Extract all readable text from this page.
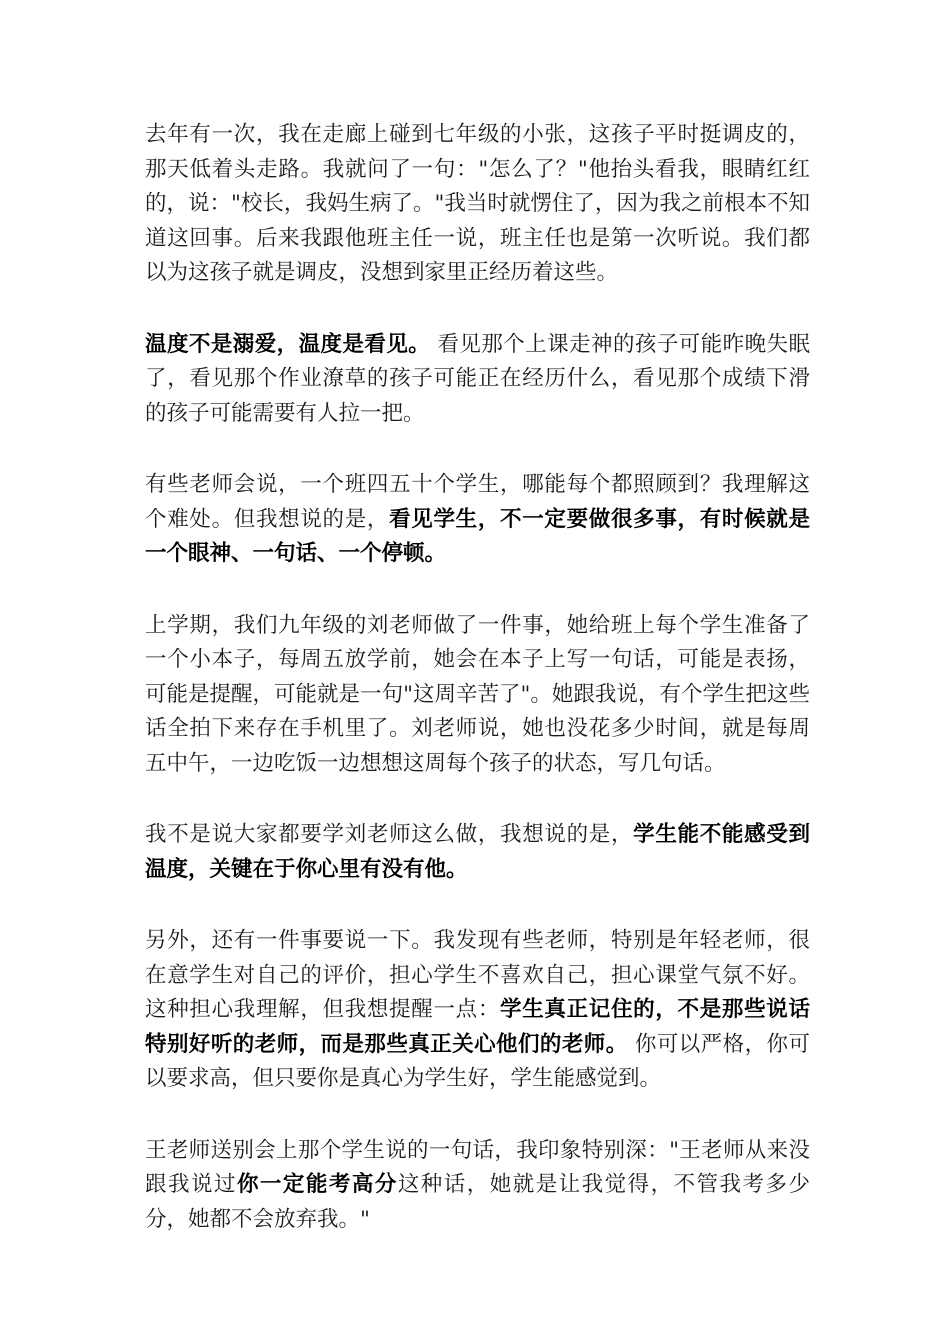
去年有一次，我在走廊上碰到七年级的小张，这孩子平时挺调皮的，那天低着头走路。我就问了一句："怎么了？"他抬头看我，眼睛红红的，说："校长，我妈生病了。"我当时就愣住了，因为我之前根本不知道这回事。后来我跟他班主任一说，班主任也是第一次听说。我们都以为这孩子就是调皮，没想到家里正经历着这些。

温度不是溺爱，温度是看见。 看见那个上课走神的孩子可能昨晚失眠了，看见那个作业潦草的孩子可能正在经历什么，看见那个成绩下滑的孩子可能需要有人拉一把。

有些老师会说，一个班四五十个学生，哪能每个都照顾到？我理解这个难处。但我想说的是，看见学生，不一定要做很多事，有时候就是一个眼神、一句话、一个停顿。

上学期，我们九年级的刘老师做了一件事，她给班上每个学生准备了一个小本子，每周五放学前，她会在本子上写一句话，可能是表扬，可能是提醒，可能就是一句"这周辛苦了"。她跟我说，有个学生把这些话全拍下来存在手机里了。刘老师说，她也没花多少时间，就是每周五中午，一边吃饭一边想想这周每个孩子的状态，写几句话。

我不是说大家都要学刘老师这么做，我想说的是，学生能不能感受到温度，关键在于你心里有没有他。

另外，还有一件事要说一下。我发现有些老师，特别是年轻老师，很在意学生对自己的评价，担心学生不喜欢自己，担心课堂气氛不好。这种担心我理解，但我想提醒一点：学生真正记住的，不是那些说话特别好听的老师，而是那些真正关心他们的老师。 你可以严格，你可以要求高，但只要你是真心为学生好，学生能感觉到。

王老师送别会上那个学生说的一句话，我印象特别深："王老师从来没跟我说过你一定能考高分这种话，她就是让我觉得，不管我考多少分，她都不会放弃我。"
